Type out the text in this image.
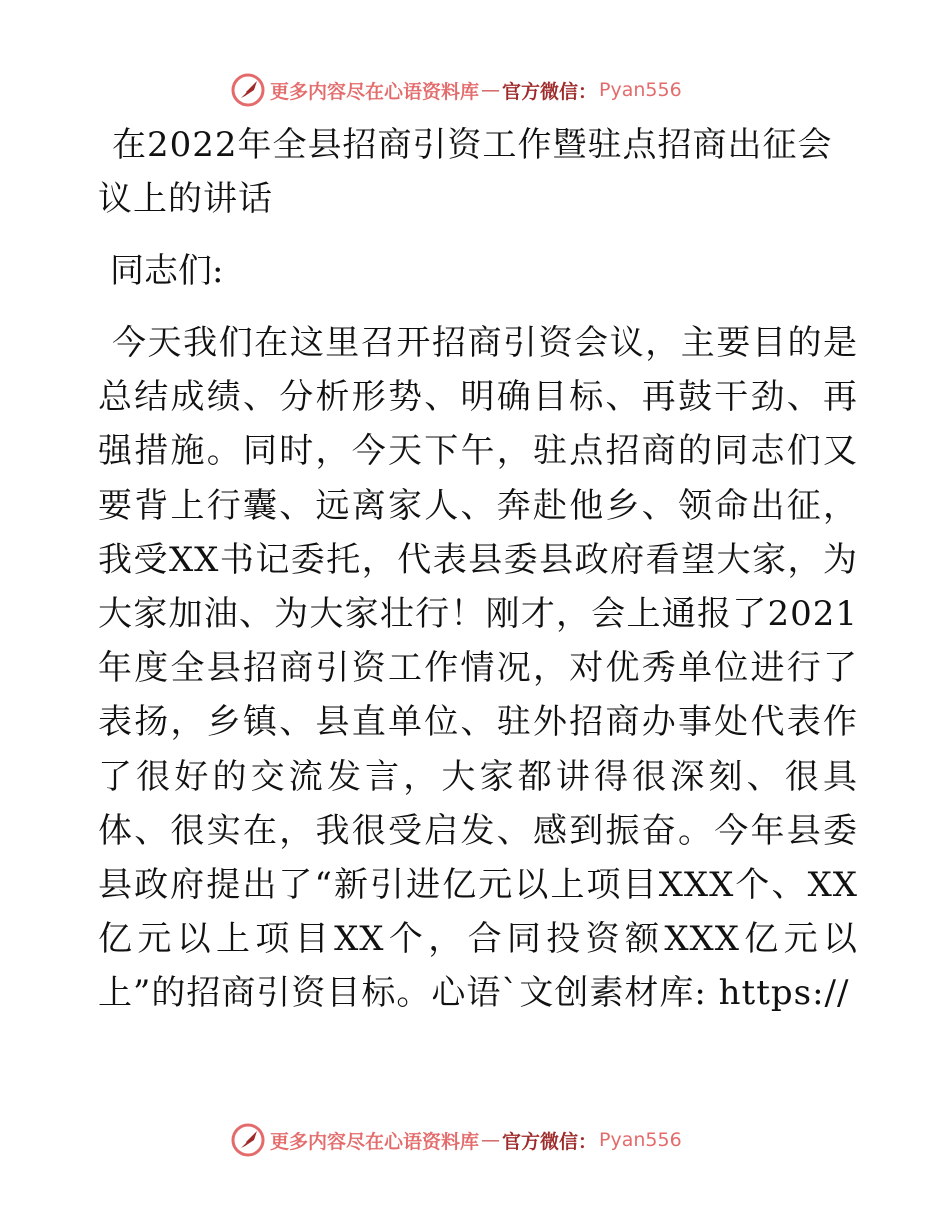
更多内容尽在心语资料库 — 官方微信： Pyan556
在2022年全县招商引资工作暨驻点招商出征会议上的讲话

同志们:

今天我们在这里召开招商引资会议，主要目的是总结成绩、分析形势、明确目标、再鼓干劲、再强措施。同时，今天下午，驻点招商的同志们又要背上行囊、远离家人、奔赴他乡、领命出征，我受XX书记委托，代表县委县政府看望大家，为大家加油、为大家壮行！刚才，会上通报了2021年度全县招商引资工作情况，对优秀单位进行了表扬，乡镇、县直单位、驻外招商办事处代表作了很好的交流发言，大家都讲得很深刻、很具体、很实在，我很受启发、感到振奋。今年县委县政府提出了“新引进亿元以上项目XXX个、XX亿元以上项目XX个，合同投资额XXX亿元以上”的招商引资目标。心语`文创素材库: https://

更多内容尽在心语资料库 — 官方微信： Pyan556
